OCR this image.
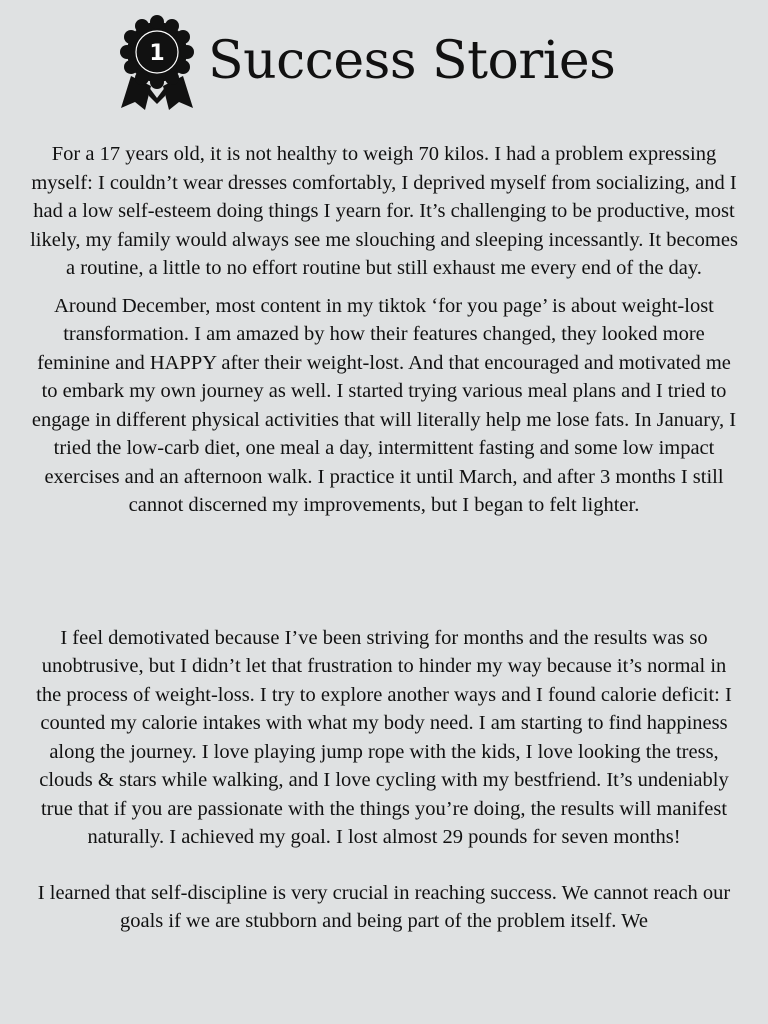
1 Success Stories

For a 17 years old, it is not healthy to weigh 70 kilos. I had a problem expressing myself: I couldn’t wear dresses comfortably, I deprived myself from socializing, and I had a low self-esteem doing things I yearn for. It’s challenging to be productive, most likely, my family would always see me slouching and sleeping incessantly. It becomes a routine, a little to no effort routine but still exhaust me every end of the day.

Around December, most content in my tiktok ‘for you page’ is about weight-lost transformation. I am amazed by how their features changed, they looked more feminine and HAPPY after their weight-lost. And that encouraged and motivated me to embark my own journey as well. I started trying various meal plans and I tried to engage in different physical activities that will literally help me lose fats. In January, I tried the low-carb diet, one meal a day, intermittent fasting and some low impact exercises and an afternoon walk. I practice it until March, and after 3 months I still cannot discerned my improvements, but I began to felt lighter.

I feel demotivated because I’ve been striving for months and the results was so unobtrusive, but I didn’t let that frustration to hinder my way because it’s normal in the process of weight-loss. I try to explore another ways and I found calorie deficit: I counted my calorie intakes with what my body need. I am starting to find happiness along the journey. I love playing jump rope with the kids, I love looking the tress, clouds & stars while walking, and I love cycling with my bestfriend. It’s undeniably true that if you are passionate with the things you’re doing, the results will manifest naturally. I achieved my goal. I lost almost 29 pounds for seven months!

I learned that self-discipline is very crucial in reaching success. We cannot reach our goals if we are stubborn and being part of the problem itself. We
